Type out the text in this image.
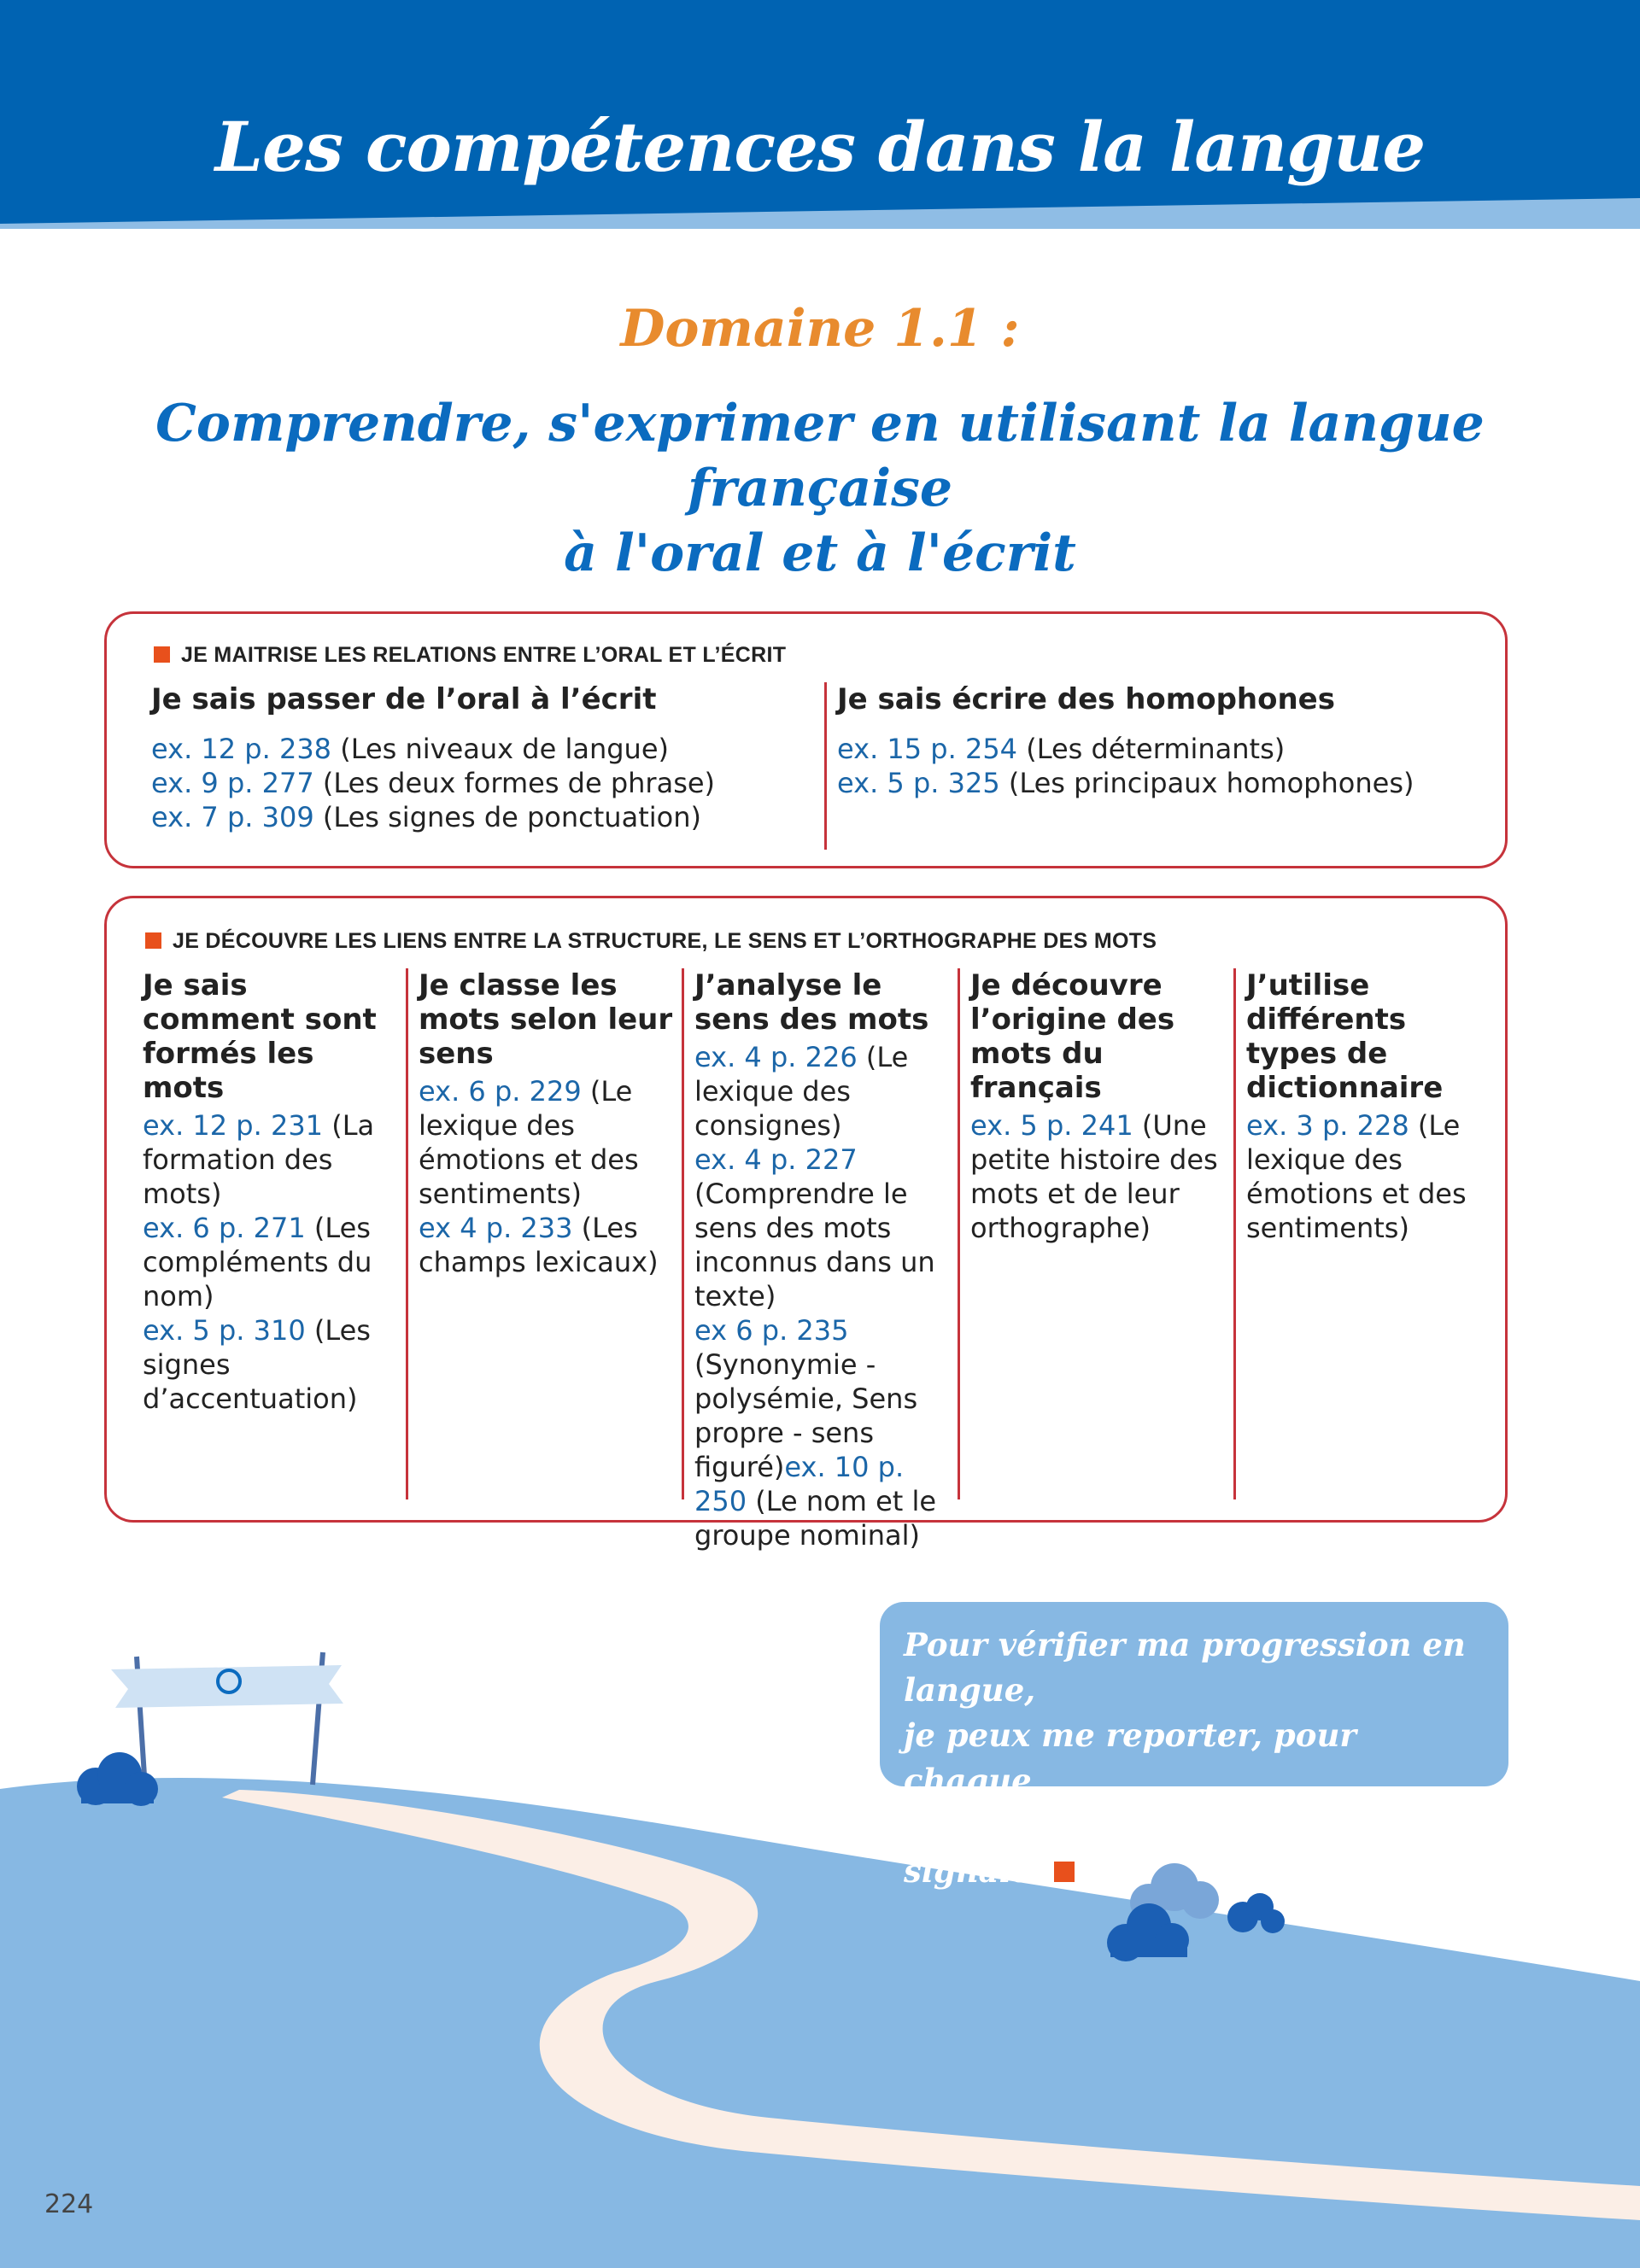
Les compétences dans la langue
Domaine 1.1 :
Comprendre, s'exprimer en utilisant la langue française
à l'oral et à l'écrit
JE MAITRISE LES RELATIONS ENTRE L’ORAL ET L’ÉCRIT

Je sais passer de l’oral à l’écrit

ex. 12 p. 238 (Les niveaux de langue)

ex. 9 p. 277 (Les deux formes de phrase)

ex. 7 p. 309 (Les signes de ponctuation)

Je sais écrire des homophones

ex. 15 p. 254 (Les déterminants)

ex. 5 p. 325 (Les principaux homophones)

JE DÉCOUVRE LES LIENS ENTRE LA STRUCTURE, LE SENS ET L’ORTHOGRAPHE DES MOTS

Je sais comment sont formés les mots

ex. 12 p. 231 (La formation des mots)

ex. 6 p. 271 (Les compléments du nom)

ex. 5 p. 310 (Les signes d’accentuation)

Je classe les mots selon leur sens

ex. 6 p. 229 (Le lexique des émotions et des sentiments)

ex 4 p. 233 (Les champs lexicaux)

J’analyse le sens des mots

ex. 4 p. 226 (Le lexique des consignes)

ex. 4 p. 227 (Comprendre le sens des mots inconnus dans un texte)

ex 6 p. 235 (Synonymie - polysémie, Sens propre - sens figuré)ex. 10 p. 250 (Le nom et le groupe nominal)

Je découvre l’origine des mots du français

ex. 5 p. 241 (Une petite histoire des mots et de leur orthographe)

J’utilise différents types de dictionnaire

ex. 3 p. 228 (Le lexique des émotions et des sentiments)

Pour vérifier ma progression en langue,
je peux me reporter, pour chaque
compétence, aux exercices signalés .
224
